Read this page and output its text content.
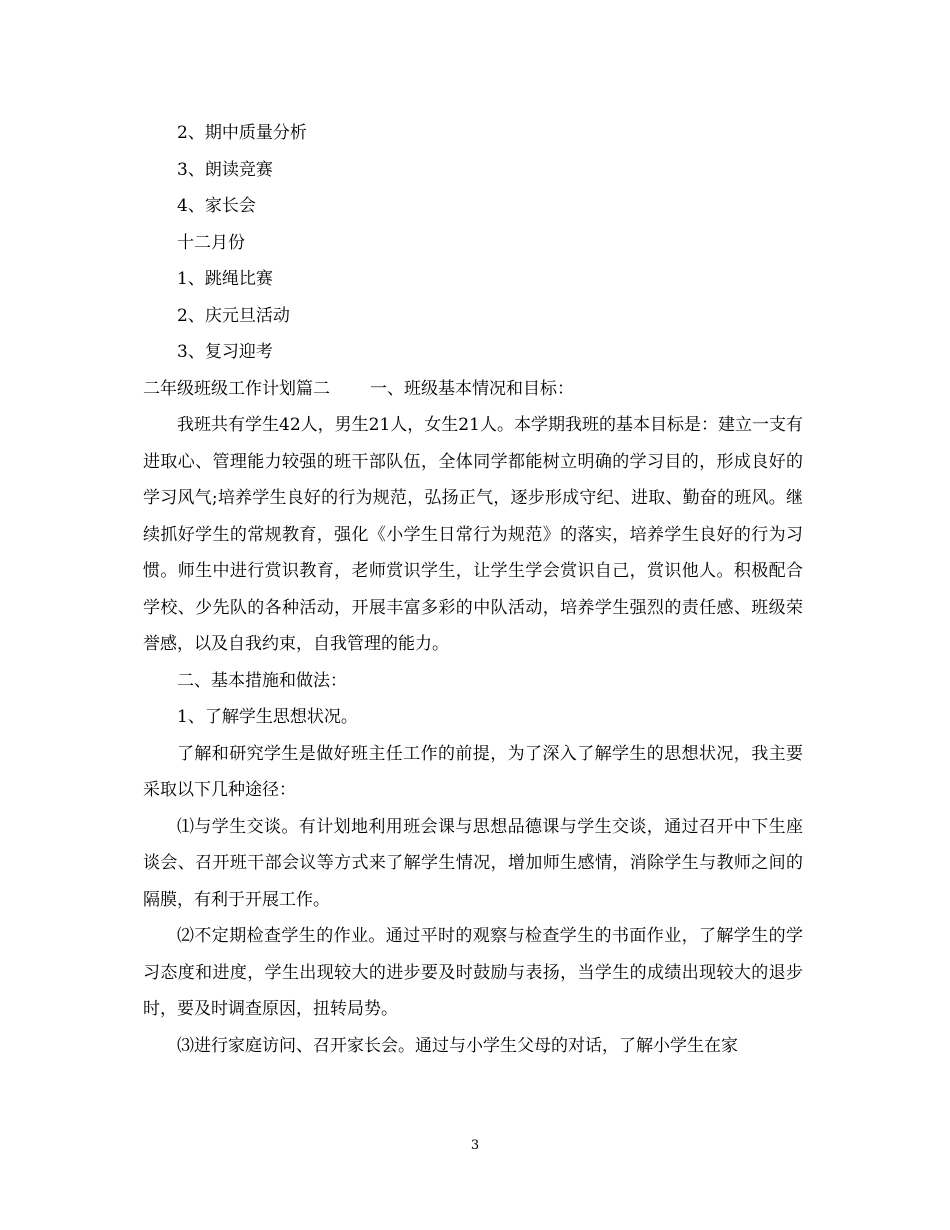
2、期中质量分析

3、朗读竞赛

4、家长会

十二月份

1、跳绳比赛

2、庆元旦活动

3、复习迎考

二年级班级工作计划篇二 一、班级基本情况和目标：

我班共有学生42人，男生21人，女生21人。本学期我班的基本目标是：建立一支有进取心、管理能力较强的班干部队伍，全体同学都能树立明确的学习目的，形成良好的学习风气;培养学生良好的行为规范，弘扬正气，逐步形成守纪、进取、勤奋的班风。继续抓好学生的常规教育，强化《小学生日常行为规范》的落实，培养学生良好的行为习惯。师生中进行赏识教育，老师赏识学生，让学生学会赏识自己，赏识他人。积极配合学校、少先队的各种活动，开展丰富多彩的中队活动，培养学生强烈的责任感、班级荣誉感，以及自我约束，自我管理的能力。

二、基本措施和做法：

1、了解学生思想状况。

了解和研究学生是做好班主任工作的前提，为了深入了解学生的思想状况，我主要采取以下几种途径：

⑴与学生交谈。有计划地利用班会课与思想品德课与学生交谈，通过召开中下生座谈会、召开班干部会议等方式来了解学生情况，增加师生感情，消除学生与教师之间的隔膜，有利于开展工作。

⑵不定期检查学生的作业。通过平时的观察与检查学生的书面作业，了解学生的学习态度和进度，学生出现较大的进步要及时鼓励与表扬，当学生的成绩出现较大的退步时，要及时调查原因，扭转局势。

⑶进行家庭访问、召开家长会。通过与小学生父母的对话，了解小学生在家

3
